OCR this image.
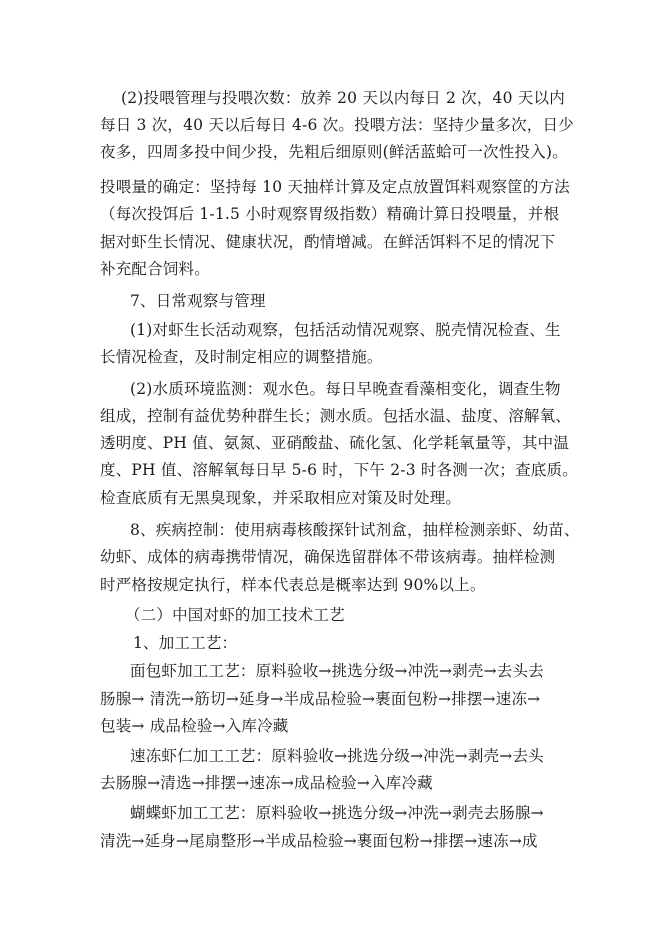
(2)投喂管理与投喂次数：放养 20 天以内每日 2 次，40 天以内
每日 3 次，40 天以后每日 4-6 次。投喂方法：坚持少量多次，日少
夜多，四周多投中间少投，先粗后细原则(鲜活蓝蛤可一次性投入)。
投喂量的确定：坚持每 10 天抽样计算及定点放置饵料观察筐的方法
（每次投饵后 1-1.5 小时观察胃级指数）精确计算日投喂量，并根
据对虾生长情况、健康状况，酌情增减。在鲜活饵料不足的情况下
补充配合饲料。
7、日常观察与管理
(1)对虾生长活动观察，包括活动情况观察、脱壳情况检查、生
长情况检查，及时制定相应的调整措施。
(2)水质环境监测：观水色。每日早晚查看藻相变化，调查生物
组成，控制有益优势种群生长；测水质。包括水温、盐度、溶解氧、
透明度、PH 值、氨氮、亚硝酸盐、硫化氢、化学耗氧量等，其中温
度、PH 值、溶解氧每日早 5-6 时，下午 2-3 时各测一次；查底质。
检查底质有无黑臭现象，并采取相应对策及时处理。
8、疾病控制：使用病毒核酸探针试剂盒，抽样检测亲虾、幼苗、
幼虾、成体的病毒携带情况，确保选留群体不带该病毒。抽样检测
时严格按规定执行，样本代表总是概率达到 90%以上。
（二）中国对虾的加工技术工艺
1、加工工艺：
面包虾加工工艺：原料验收→挑选分级→冲洗→剥壳→去头去
肠腺→ 清洗→筋切→延身→半成品检验→裹面包粉→排摆→速冻→
包装→ 成品检验→入库冷藏
速冻虾仁加工工艺：原料验收→挑选分级→冲洗→剥壳→去头
去肠腺→清选→排摆→速冻→成品检验→入库冷藏
蝴蝶虾加工工艺：原料验收→挑选分级→冲洗→剥壳去肠腺→
清洗→延身→尾扇整形→半成品检验→裹面包粉→排摆→速冻→成
